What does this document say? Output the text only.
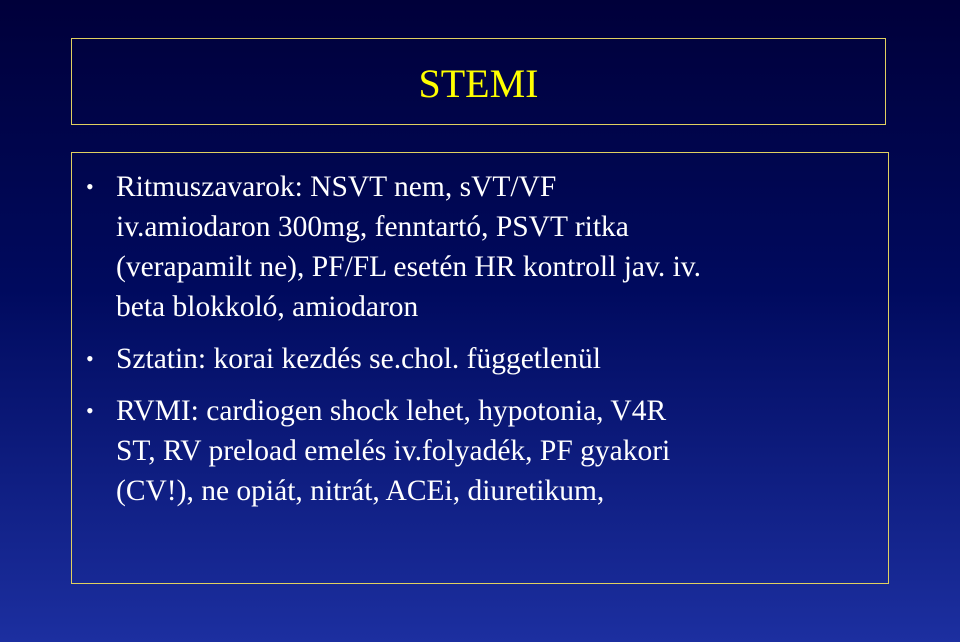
STEMI
• Ritmuszavarok: NSVT nem, sVT/VF
iv.amiodaron 300mg, fenntartó, PSVT ritka
(verapamilt ne), PF/FL esetén HR kontroll jav. iv.
beta blokkoló, amiodaron
• Sztatin: korai kezdés se.chol. függetlenül
• RVMI: cardiogen shock lehet, hypotonia, V4R
ST, RV preload emelés iv.folyadék, PF gyakori
(CV!), ne opiát, nitrát, ACEi, diuretikum,
